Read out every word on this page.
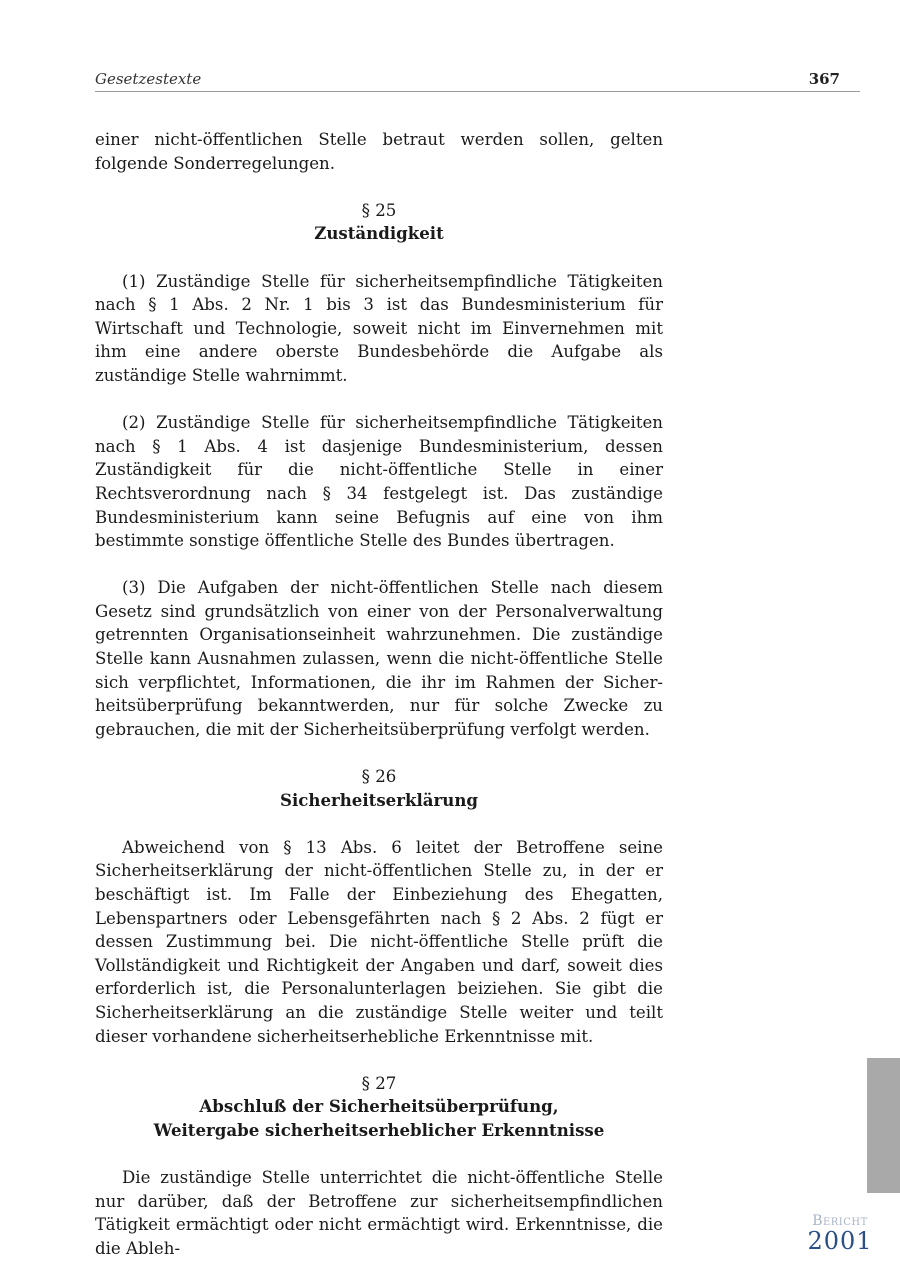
Gesetzestexte	367

einer nicht-öffentlichen Stelle betraut werden sollen, gelten folgende Sonderregelungen.

§ 25
Zuständigkeit

(1) Zuständige Stelle für sicherheitsempfindliche Tätigkeiten nach § 1 Abs. 2 Nr. 1 bis 3 ist das Bundesministerium für Wirtschaft und Technologie, soweit nicht im Einvernehmen mit ihm eine andere oberste Bundesbehörde die Aufgabe als zuständige Stelle wahrnimmt.

(2) Zuständige Stelle für sicherheitsempfindliche Tätigkeiten nach § 1 Abs. 4 ist dasjenige Bundesministerium, dessen Zuständigkeit für die nicht-öffentliche Stelle in einer Rechtsverordnung nach § 34 festgelegt ist. Das zuständige Bundesministerium kann seine Befugnis auf eine von ihm bestimmte sonstige öffentliche Stelle des Bundes übertragen.

(3) Die Aufgaben der nicht-öffentlichen Stelle nach diesem Gesetz sind grundsätzlich von einer von der Personalverwaltung getrennten Organisationseinheit wahrzunehmen. Die zuständige Stelle kann Ausnahmen zulassen, wenn die nicht-öffentliche Stelle sich verpflichtet, Informationen, die ihr im Rahmen der Sicherheitsüberprüfung bekanntwerden, nur für solche Zwecke zu gebrauchen, die mit der Sicherheitsüberprüfung verfolgt werden.

§ 26
Sicherheitserklärung

Abweichend von § 13 Abs. 6 leitet der Betroffene seine Sicherheitserklärung der nicht-öffentlichen Stelle zu, in der er beschäftigt ist. Im Falle der Einbeziehung des Ehegatten, Lebenspartners oder Lebensgefährten nach § 2 Abs. 2 fügt er dessen Zustimmung bei. Die nicht-öffentliche Stelle prüft die Vollständigkeit und Richtigkeit der Angaben und darf, soweit dies erforderlich ist, die Personalunterlagen beiziehen. Sie gibt die Sicherheitserklärung an die zuständige Stelle weiter und teilt dieser vorhandene sicherheitserhebliche Erkenntnisse mit.

§ 27
Abschluß der Sicherheitsüberprüfung,
Weitergabe sicherheitserheblicher Erkenntnisse

Die zuständige Stelle unterrichtet die nicht-öffentliche Stelle nur darüber, daß der Betroffene zur sicherheitsempfindlichen Tätigkeit ermächtigt oder nicht ermächtigt wird. Erkenntnisse, die die Ableh-

Bericht
2001
